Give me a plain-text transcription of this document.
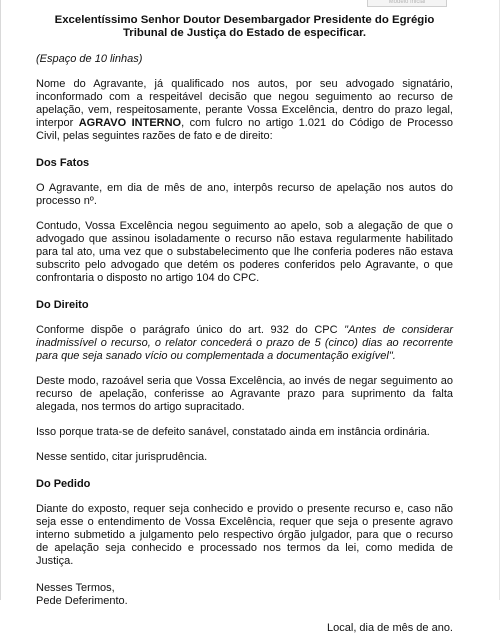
Modelo Inicial

Excelentíssimo Senhor Doutor Desembargador Presidente do Egrégio Tribunal de Justiça do Estado de especificar.

(Espaço de 10 linhas)

Nome do Agravante, já qualificado nos autos, por seu advogado signatário, inconformado com a respeitável decisão que negou seguimento ao recurso de apelação, vem, respeitosamente, perante Vossa Excelência, dentro do prazo legal, interpor AGRAVO INTERNO, com fulcro no artigo 1.021 do Código de Processo Civil, pelas seguintes razões de fato e de direito:

Dos Fatos

O Agravante, em dia de mês de ano, interpôs recurso de apelação nos autos do processo nº.

Contudo, Vossa Excelência negou seguimento ao apelo, sob a alegação de que o advogado que assinou isoladamente o recurso não estava regularmente habilitado para tal ato, uma vez que o substabelecimento que lhe conferia poderes não estava subscrito pelo advogado que detém os poderes conferidos pelo Agravante, o que confrontaria o disposto no artigo 104 do CPC.

Do Direito

Conforme dispõe o parágrafo único do art. 932 do CPC "Antes de considerar inadmissível o recurso, o relator concederá o prazo de 5 (cinco) dias ao recorrente para que seja sanado vício ou complementada a documentação exigível".

Deste modo, razoável seria que Vossa Excelência, ao invés de negar seguimento ao recurso de apelação, conferisse ao Agravante prazo para suprimento da falta alegada, nos termos do artigo supracitado.

Isso porque trata-se de defeito sanável, constatado ainda em instância ordinária.

Nesse sentido, citar jurisprudência.

Do Pedido

Diante do exposto, requer seja conhecido e provido o presente recurso e, caso não seja esse o entendimento de Vossa Excelência, requer que seja o presente agravo interno submetido a julgamento pelo respectivo órgão julgador, para que o recurso de apelação seja conhecido e processado nos termos da lei, como medida de Justiça.

Nesses Termos,
Pede Deferimento.

Local, dia de mês de ano.
